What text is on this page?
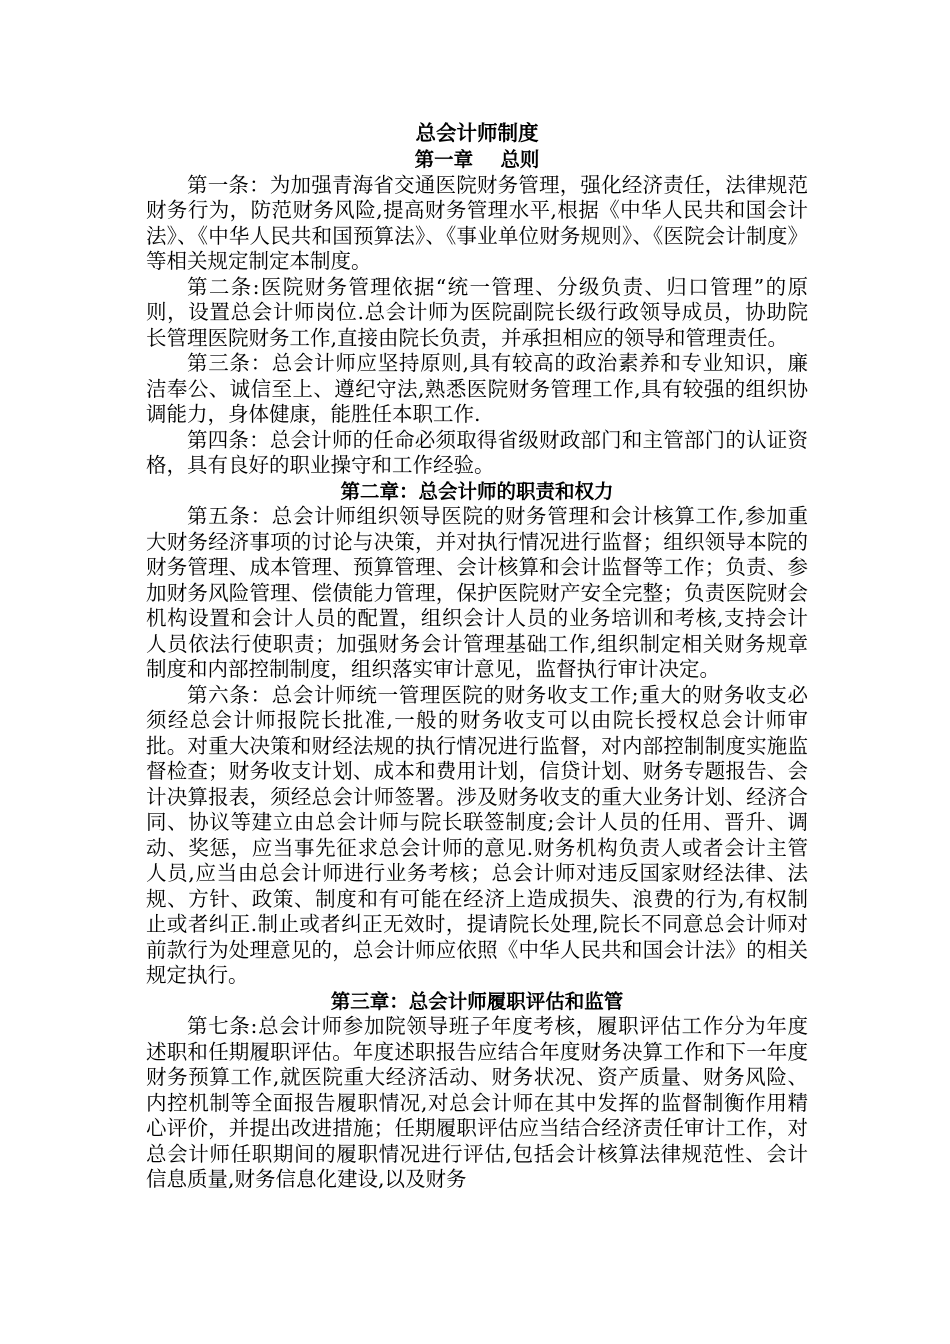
总会计师制度
第一章    总则

第一条：为加强青海省交通医院财务管理，强化经济责任，法律规范财务行为，防范财务风险,提高财务管理水平,根据《中华人民共和国会计法》、《中华人民共和国预算法》、《事业单位财务规则》、《医院会计制度》等相关规定制定本制度。

第二条:医院财务管理依据“统一管理、分级负责、归口管理”的原则，设置总会计师岗位.总会计师为医院副院长级行政领导成员，协助院长管理医院财务工作,直接由院长负责，并承担相应的领导和管理责任。

第三条：总会计师应坚持原则,具有较高的政治素养和专业知识，廉洁奉公、诚信至上、遵纪守法,熟悉医院财务管理工作,具有较强的组织协调能力，身体健康，能胜任本职工作.

第四条：总会计师的任命必须取得省级财政部门和主管部门的认证资格，具有良好的职业操守和工作经验。

第二章：总会计师的职责和权力

第五条：总会计师组织领导医院的财务管理和会计核算工作,参加重大财务经济事项的讨论与决策，并对执行情况进行监督；组织领导本院的财务管理、成本管理、预算管理、会计核算和会计监督等工作；负责、参加财务风险管理、偿债能力管理，保护医院财产安全完整；负责医院财会机构设置和会计人员的配置，组织会计人员的业务培训和考核,支持会计人员依法行使职责；加强财务会计管理基础工作,组织制定相关财务规章制度和内部控制制度，组织落实审计意见，监督执行审计决定。

第六条：总会计师统一管理医院的财务收支工作;重大的财务收支必须经总会计师报院长批准,一般的财务收支可以由院长授权总会计师审批。对重大决策和财经法规的执行情况进行监督，对内部控制制度实施监督检查；财务收支计划、成本和费用计划，信贷计划、财务专题报告、会计决算报表，须经总会计师签署。涉及财务收支的重大业务计划、经济合同、协议等建立由总会计师与院长联签制度;会计人员的任用、晋升、调动、奖惩，应当事先征求总会计师的意见.财务机构负责人或者会计主管人员,应当由总会计师进行业务考核；总会计师对违反国家财经法律、法规、方针、政策、制度和有可能在经济上造成损失、浪费的行为,有权制止或者纠正.制止或者纠正无效时，提请院长处理,院长不同意总会计师对前款行为处理意见的，总会计师应依照《中华人民共和国会计法》的相关规定执行。

第三章：总会计师履职评估和监管

第七条:总会计师参加院领导班子年度考核，履职评估工作分为年度述职和任期履职评估。年度述职报告应结合年度财务决算工作和下一年度财务预算工作,就医院重大经济活动、财务状况、资产质量、财务风险、内控机制等全面报告履职情况,对总会计师在其中发挥的监督制衡作用精心评价，并提出改进措施；任期履职评估应当结合经济责任审计工作，对总会计师任职期间的履职情况进行评估,包括会计核算法律规范性、会计信息质量,财务信息化建设,以及财务
